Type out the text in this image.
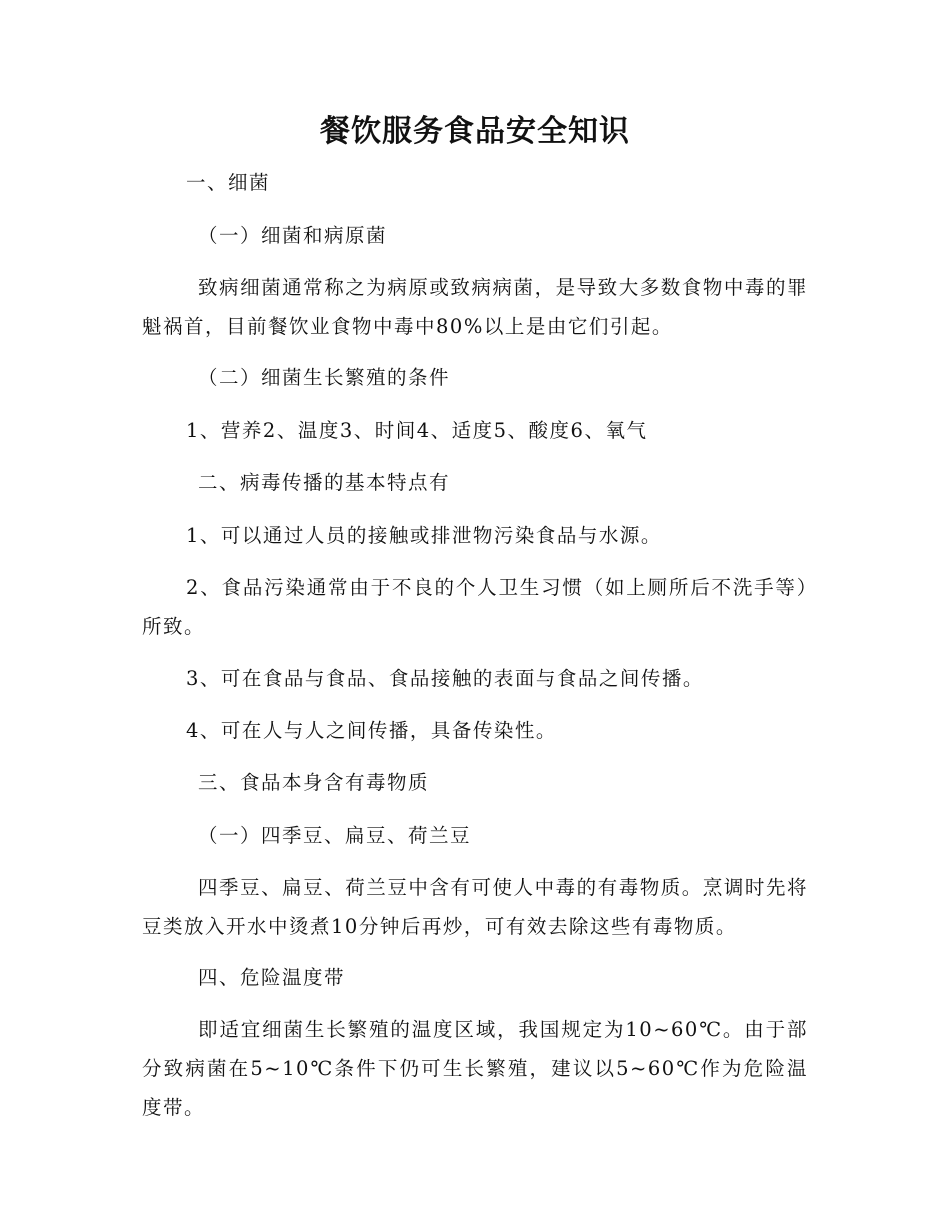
餐饮服务食品安全知识
一、细菌
（一）细菌和病原菌
致病细菌通常称之为病原或致病病菌，是导致大多数食物中毒的罪魁祸首，目前餐饮业食物中毒中80%以上是由它们引起。
（二）细菌生长繁殖的条件
1、营养2、温度3、时间4、适度5、酸度6、氧气
二、病毒传播的基本特点有
1、可以通过人员的接触或排泄物污染食品与水源。
2、食品污染通常由于不良的个人卫生习惯（如上厕所后不洗手等）所致。
3、可在食品与食品、食品接触的表面与食品之间传播。
4、可在人与人之间传播，具备传染性。
三、食品本身含有毒物质
（一）四季豆、扁豆、荷兰豆
四季豆、扁豆、荷兰豆中含有可使人中毒的有毒物质。烹调时先将豆类放入开水中烫煮10分钟后再炒，可有效去除这些有毒物质。
四、危险温度带
即适宜细菌生长繁殖的温度区域，我国规定为10~60℃。由于部分致病菌在5~10℃条件下仍可生长繁殖，建议以5~60℃作为危险温度带。
